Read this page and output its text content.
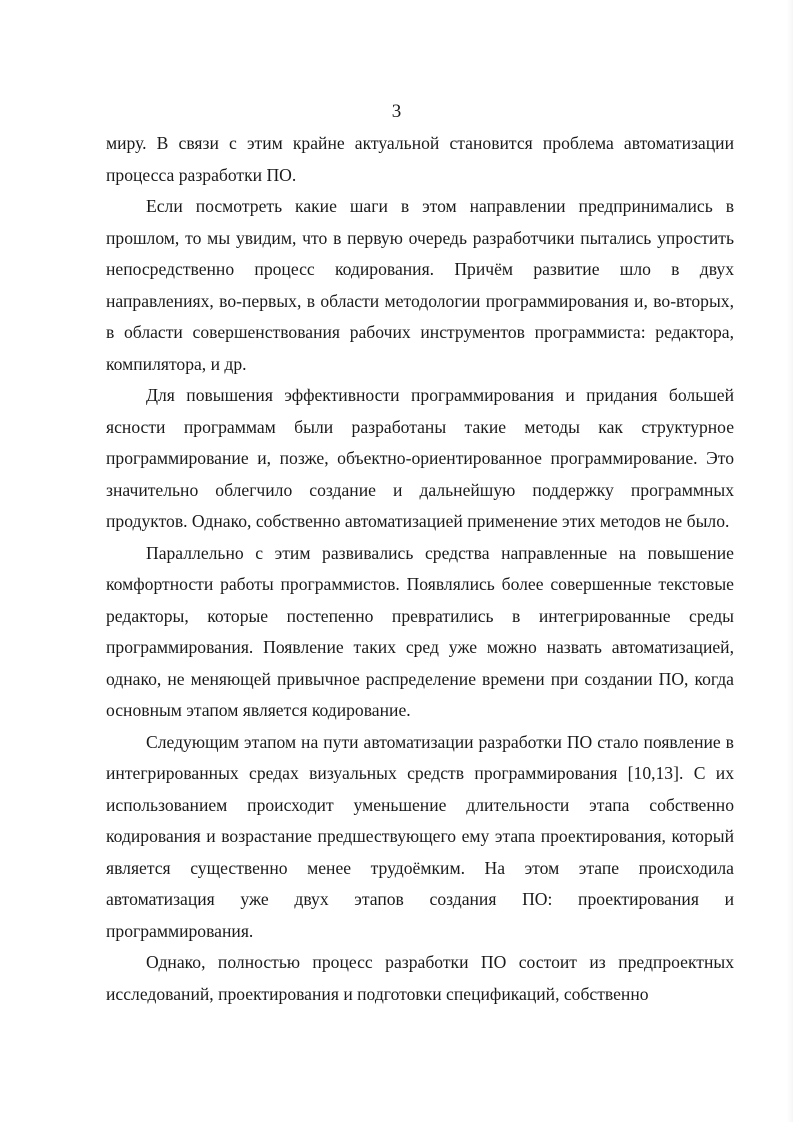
3

миру. В связи с этим крайне актуальной становится проблема автоматизации процесса разработки ПО.

Если посмотреть какие шаги в этом направлении предпринимались в прошлом, то мы увидим, что в первую очередь разработчики пытались упростить непосредственно процесс кодирования. Причём развитие шло в двух направлениях, во-первых, в области методологии программирования и, во-вторых, в области совершенствования рабочих инструментов программиста: редактора, компилятора, и др.

Для повышения эффективности программирования и придания большей ясности программам были разработаны такие методы как структурное программирование и, позже, объектно-ориентированное программирование. Это значительно облегчило создание и дальнейшую поддержку программных продуктов. Однако, собственно автоматизацией применение этих методов не было.

Параллельно с этим развивались средства направленные на повышение комфортности работы программистов. Появлялись более совершенные текстовые редакторы, которые постепенно превратились в интегрированные среды программирования. Появление таких сред уже можно назвать автоматизацией, однако, не меняющей привычное распределение времени при создании ПО, когда основным этапом является кодирование.

Следующим этапом на пути автоматизации разработки ПО стало появление в интегрированных средах визуальных средств программирования [10,13]. С их использованием происходит уменьшение длительности этапа собственно кодирования и возрастание предшествующего ему этапа проектирования, который является существенно менее трудоёмким. На этом этапе происходила автоматизация уже двух этапов создания ПО: проектирования и программирования.

Однако, полностью процесс разработки ПО состоит из предпроектных исследований, проектирования и подготовки спецификаций, собственно
